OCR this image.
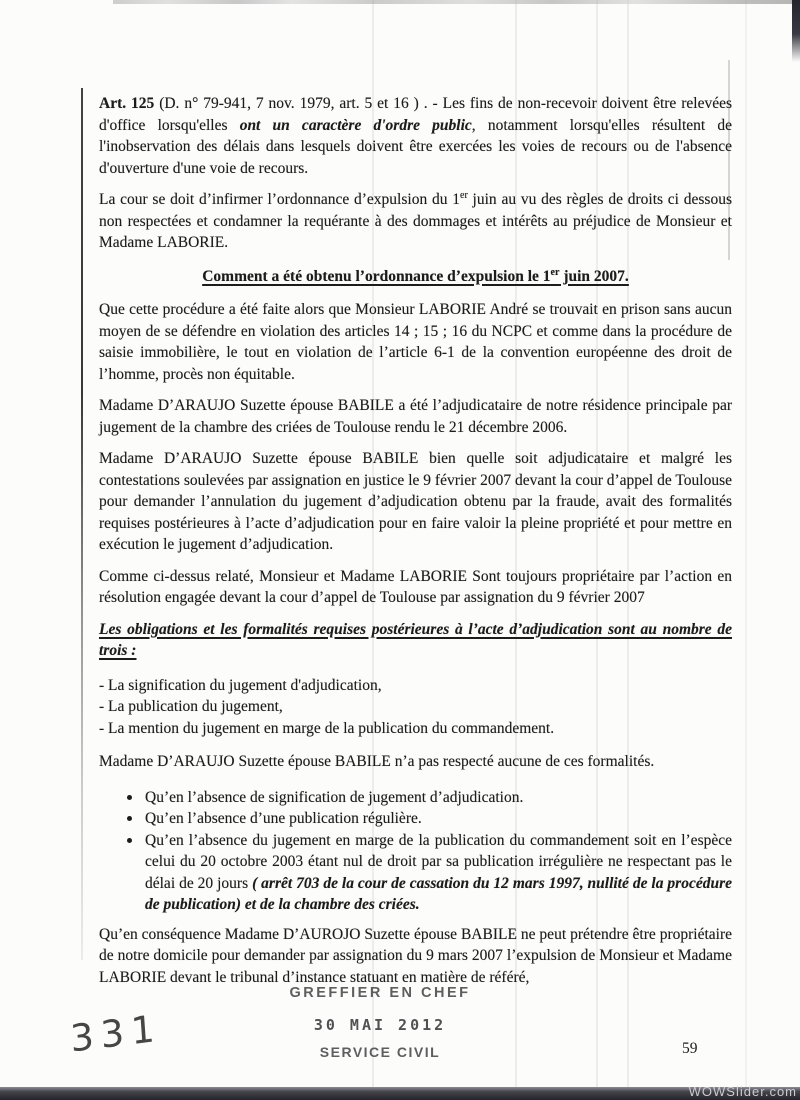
Art. 125 (D. n° 79-941, 7 nov. 1979, art. 5 et 16 ) . - Les fins de non-recevoir doivent être relevées d'office lorsqu'elles ont un caractère d'ordre public, notamment lorsqu'elles résultent de l'inobservation des délais dans lesquels doivent être exercées les voies de recours ou de l'absence d'ouverture d'une voie de recours.

La cour se doit d’infirmer l’ordonnance d’expulsion du 1er juin au vu des règles de droits ci dessous non respectées et condamner la requérante à des dommages et intérêts au préjudice de Monsieur et Madame LABORIE.

Comment a été obtenu l’ordonnance d’expulsion le 1er juin 2007.

Que cette procédure a été faite alors que Monsieur LABORIE André se trouvait en prison sans aucun moyen de se défendre en violation des articles 14 ; 15 ; 16 du NCPC et comme dans la procédure de saisie immobilière, le tout en violation de l’article 6-1 de la convention européenne des droit de l’homme, procès non équitable.

Madame D’ARAUJO Suzette épouse BABILE a été l’adjudicataire de notre résidence principale par jugement de la chambre des criées de Toulouse rendu le 21 décembre 2006.

Madame D’ARAUJO Suzette épouse BABILE bien quelle soit adjudicataire et malgré les contestations soulevées par assignation en justice le 9 février 2007 devant la cour d’appel de Toulouse pour demander l’annulation du jugement d’adjudication obtenu par la fraude, avait des formalités requises postérieures à l’acte d’adjudication pour en faire valoir la pleine propriété et pour mettre en exécution le jugement d’adjudication.

Comme ci-dessus relaté, Monsieur et Madame LABORIE Sont toujours propriétaire par l’action en résolution engagée devant la cour d’appel de Toulouse par assignation du 9 février 2007

Les obligations et les formalités requises postérieures à l’acte d’adjudication sont au nombre de trois :
- La signification du jugement d'adjudication,
- La publication du jugement,
- La mention du jugement en marge de la publication du commandement.

Madame D’ARAUJO Suzette épouse BABILE n’a pas respecté aucune de ces formalités.

Qu’en l’absence de signification de jugement d’adjudication.
Qu’en l’absence d’une publication régulière.
Qu’en l’absence du jugement en marge de la publication du commandement soit en l’espèce celui du 20 octobre 2003 étant nul de droit par sa publication irrégulière ne respectant pas le délai de 20 jours ( arrêt 703 de la cour de cassation du 12 mars 1997, nullité de la procédure de publication) et de la chambre des criées.

Qu’en conséquence Madame D’AUROJO Suzette épouse BABILE ne peut prétendre être propriétaire de notre domicile pour demander par assignation du 9 mars 2007 l’expulsion de Monsieur et Madame LABORIE devant le tribunal d’instance statuant en matière de référé,

GREFFIER EN CHEF
30 MAI 2012
SERVICE CIVIL
331	59
WOWSlider.com
